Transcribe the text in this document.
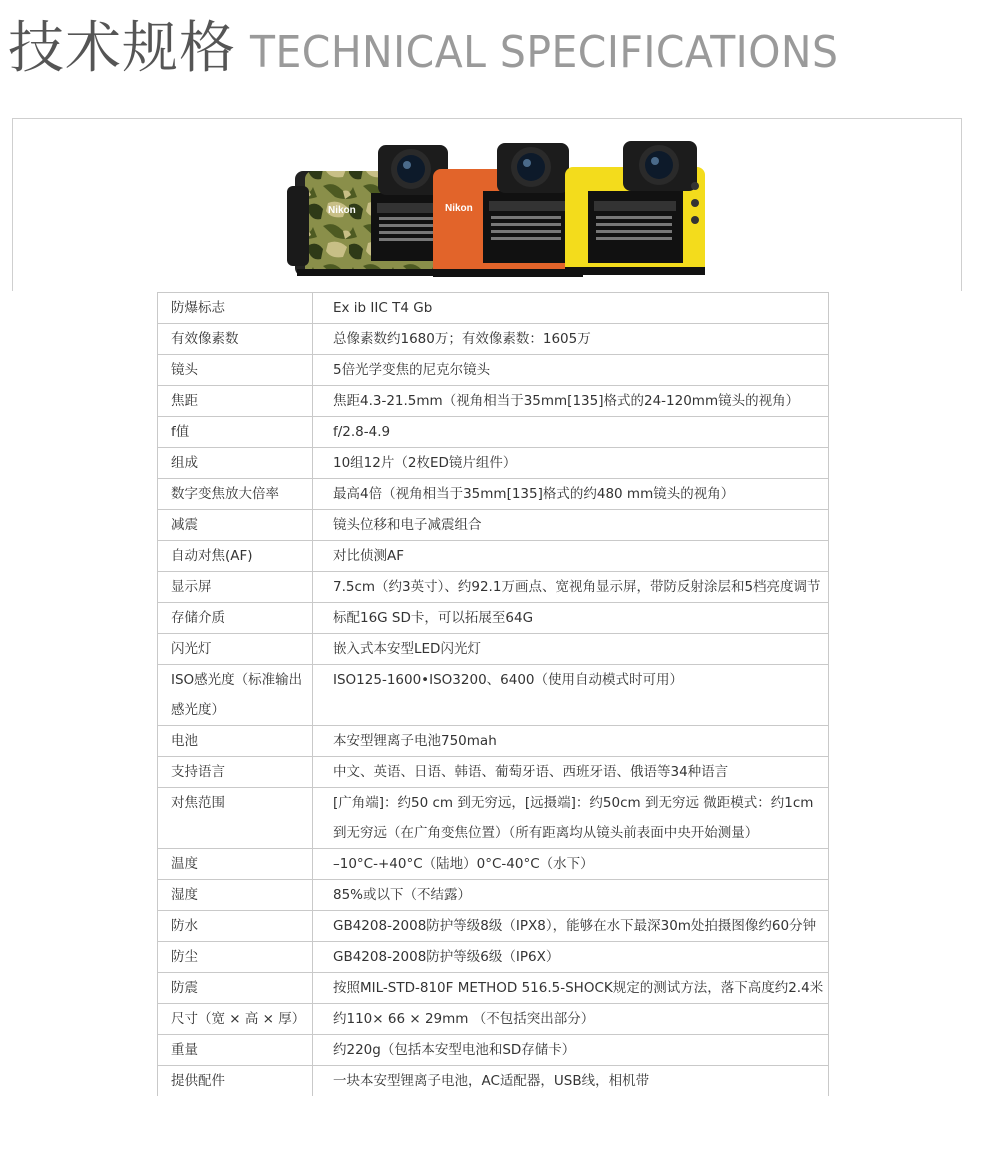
技术规格 TECHNICAL SPECIFICATIONS
Nikon	Nikon
防爆标志	Ex ib IIC T4 Gb
有效像素数	总像素数约1680万；有效像素数：1605万
镜头	5倍光学变焦的尼克尔镜头
焦距	焦距4.3-21.5mm（视角相当于35mm[135]格式的24-120mm镜头的视角）
f值	f/2.8-4.9
组成	10组12片（2枚ED镜片组件）
数字变焦放大倍率	最高4倍（视角相当于35mm[135]格式的约480 mm镜头的视角）
减震	镜头位移和电子减震组合
自动对焦(AF)	对比侦测AF
显示屏	7.5cm（约3英寸）、约92.1万画点、宽视角显示屏，带防反射涂层和5档亮度调节
存储介质	标配16G SD卡，可以拓展至64G
闪光灯	嵌入式本安型LED闪光灯
ISO感光度（标准输出感光度）	ISO125-1600•ISO3200、6400（使用自动模式时可用）
电池	本安型锂离子电池750mah
支持语言	中文、英语、日语、韩语、葡萄牙语、西班牙语、俄语等34种语言
对焦范围	[广角端]：约50 cm 到无穷远，[远摄端]：约50cm 到无穷远 微距模式：约1cm到无穷远（在广角变焦位置）（所有距离均从镜头前表面中央开始测量）
温度	–10°C-+40°C（陆地）0°C-40°C（水下）
湿度	85%或以下（不结露）
防水	GB4208-2008防护等级8级（IPX8），能够在水下最深30m处拍摄图像约60分钟
防尘	GB4208-2008防护等级6级（IP6X）
防震	按照MIL-STD-810F METHOD 516.5-SHOCK规定的测试方法，落下高度约2.4米
尺寸（宽 × 高 × 厚）	约110× 66 × 29mm （不包括突出部分）
重量	约220g（包括本安型电池和SD存储卡）
提供配件	一块本安型锂离子电池，AC适配器，USB线，相机带
